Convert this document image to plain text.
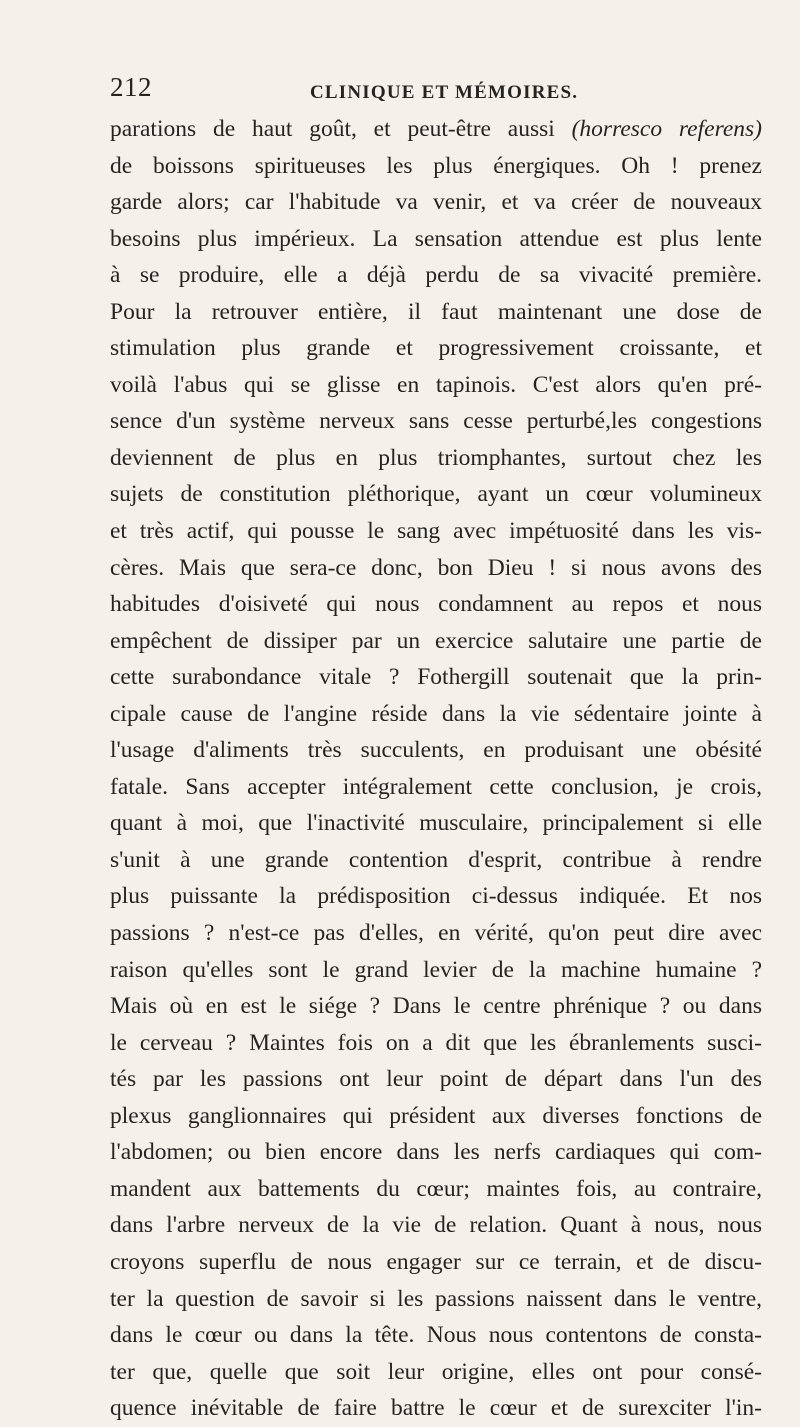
212	CLINIQUE ET MÉMOIRES.
parations de haut goût, et peut-être aussi (horresco referens)
de boissons spiritueuses les plus énergiques. Oh ! prenez
garde alors; car l'habitude va venir, et va créer de nouveaux
besoins plus impérieux. La sensation attendue est plus lente
à se produire, elle a déjà perdu de sa vivacité première.
Pour la retrouver entière, il faut maintenant une dose de
stimulation plus grande et progressivement croissante, et
voilà l'abus qui se glisse en tapinois. C'est alors qu'en pré-
sence d'un système nerveux sans cesse perturbé,les congestions
deviennent de plus en plus triomphantes, surtout chez les
sujets de constitution pléthorique, ayant un cœur volumineux
et très actif, qui pousse le sang avec impétuosité dans les vis-
cères. Mais que sera-ce donc, bon Dieu ! si nous avons des
habitudes d'oisiveté qui nous condamnent au repos et nous
empêchent de dissiper par un exercice salutaire une partie de
cette surabondance vitale ? Fothergill soutenait que la prin-
cipale cause de l'angine réside dans la vie sédentaire jointe à
l'usage d'aliments très succulents, en produisant une obésité
fatale. Sans accepter intégralement cette conclusion, je crois,
quant à moi, que l'inactivité musculaire, principalement si elle
s'unit à une grande contention d'esprit, contribue à rendre
plus puissante la prédisposition ci-dessus indiquée. Et nos
passions ? n'est-ce pas d'elles, en vérité, qu'on peut dire avec
raison qu'elles sont le grand levier de la machine humaine ?
Mais où en est le siége ? Dans le centre phrénique ? ou dans
le cerveau ? Maintes fois on a dit que les ébranlements susci-
tés par les passions ont leur point de départ dans l'un des
plexus ganglionnaires qui président aux diverses fonctions de
l'abdomen; ou bien encore dans les nerfs cardiaques qui com-
mandent aux battements du cœur; maintes fois, au contraire,
dans l'arbre nerveux de la vie de relation. Quant à nous, nous
croyons superflu de nous engager sur ce terrain, et de discu-
ter la question de savoir si les passions naissent dans le ventre,
dans le cœur ou dans la tête. Nous nous contentons de consta-
ter que, quelle que soit leur origine, elles ont pour consé-
quence inévitable de faire battre le cœur et de surexciter l'in-
